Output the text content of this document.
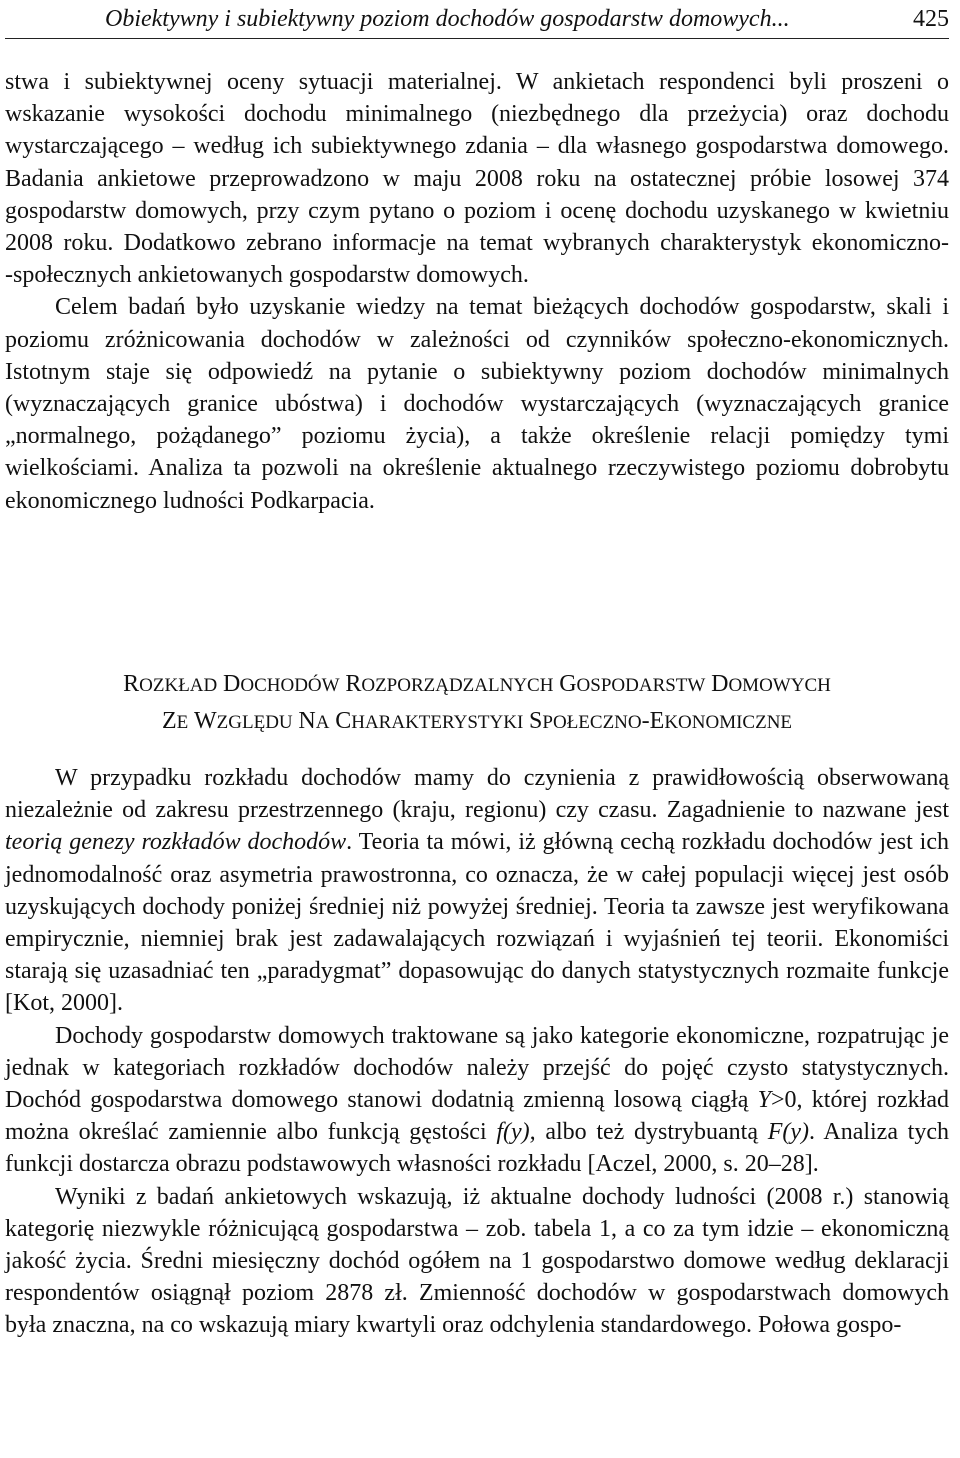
Obiektywny i subiektywny poziom dochodów gospodarstw domowych...	425

stwa i subiektywnej oceny sytuacji materialnej. W ankietach respondenci byli proszeni o wskazanie wysokości dochodu minimalnego (niezbędnego dla przeżycia) oraz dochodu wystarczającego – według ich subiektywnego zdania – dla własnego gospodarstwa domowego. Badania ankietowe przeprowadzono w maju 2008 roku na ostatecznej próbie losowej 374 gospodarstw domowych, przy czym pytano o poziom i ocenę dochodu uzyskanego w kwietniu 2008 roku. Dodatkowo zebrano informacje na temat wybranych charakterystyk ekonomiczno-‑społecznych ankietowanych gospodarstw domowych.

Celem badań było uzyskanie wiedzy na temat bieżących dochodów gospodarstw, skali i poziomu zróżnicowania dochodów w zależności od czynników społeczno-ekonomicznych. Istotnym staje się odpowiedź na pytanie o subiektywny poziom dochodów minimalnych (wyznaczających granice ubóstwa) i dochodów wystarczających (wyznaczających granice „normalnego, pożądanego” poziomu życia), a także określenie relacji pomiędzy tymi wielkościami. Analiza ta pozwoli na określenie aktualnego rzeczywistego poziomu dobrobytu ekonomicznego ludności Podkarpacia.

ROZKŁAD DOCHODÓW ROZPORZĄDZALNYCH GOSPODARSTW DOMOWYCH
ZE WZGLĘDU NA CHARAKTERYSTYKI SPOŁECZNO-EKONOMICZNE

W przypadku rozkładu dochodów mamy do czynienia z prawidłowością obserwowaną niezależnie od zakresu przestrzennego (kraju, regionu) czy czasu. Zagadnienie to nazwane jest teorią genezy rozkładów dochodów. Teoria ta mówi, iż główną cechą rozkładu dochodów jest ich jednomodalność oraz asymetria prawostronna, co oznacza, że w całej populacji więcej jest osób uzyskujących dochody poniżej średniej niż powyżej średniej. Teoria ta zawsze jest weryfikowana empirycznie, niemniej brak jest zadawalających rozwiązań i wyjaśnień tej teorii. Ekonomiści starają się uzasadniać ten „paradygmat” dopasowując do danych statystycznych rozmaite funkcje [Kot, 2000].

Dochody gospodarstw domowych traktowane są jako kategorie ekonomiczne, rozpatrując je jednak w kategoriach rozkładów dochodów należy przejść do pojęć czysto statystycznych. Dochód gospodarstwa domowego stanowi dodatnią zmienną losową ciągłą Y>0, której rozkład można określać zamiennie albo funkcją gęstości f(y), albo też dystrybuantą F(y). Analiza tych funkcji dostarcza obrazu podstawowych własności rozkładu [Aczel, 2000, s. 20–28].

Wyniki z badań ankietowych wskazują, iż aktualne dochody ludności (2008 r.) stanowią kategorię niezwykle różnicującą gospodarstwa – zob. tabela 1, a co za tym idzie – ekonomiczną jakość życia. Średni miesięczny dochód ogółem na 1 gospodarstwo domowe według deklaracji respondentów osiągnął poziom 2878 zł. Zmienność dochodów w gospodarstwach domowych była znaczna, na co wskazują miary kwartyli oraz odchylenia standardowego. Połowa gospo-
